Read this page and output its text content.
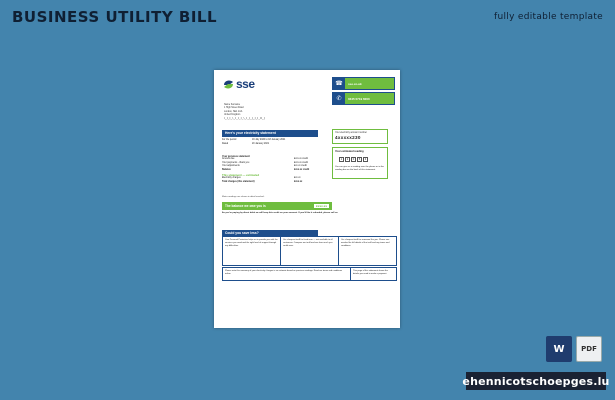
BUSINESS UTILITY BILL	fully editable template
sse
Name Surname
1 High Street Road
London, SE1 1AA
United Kingdom
\_l_l_\_l_l_l_\_l_|_|_l_l_ll_|
☎	sse.co.uk
✆	0345 0719 6000
Here's your electricity statement
For the period	19 July 2020 to 18 January 2021
Dated	20 January 2021
Your previous statement
Amount due	£xxx.xx credit
Your payments - thank you	£xxx.xx credit
Your adjustments	£xx.xx credit
Balance	£xxx.xx credit
This statement — estimated
Electricity charges	£xx.xx
Total charges (this statement)	£xxx.xx
Meter readings are shown in detail overleaf.
The balance we owe you is	£xxx.xx
As you're paying by direct debit we will keep this credit on your account. If you'd like it refunded, please call us.
Your electricity account number
4xxxxx230
Your estimated reading
1	2	0	5	3
You can give us a reading over the phone or in the reading box on the back of this statement.
Could you save less?
Your Personal Protection helps us to provide you with the services you need and the right level of support through any difficulties.
Our cheapest tariff for fixed term — not available to all customers. Compare our tariff and see how much you could save.
Our cheapest tariff for someone like you. Please see overleaf for full details of the tariff and any terms and conditions.
Please note this summary of your electricity charges is an estimate based on previous readings. Read our terms and conditions online.
This page of this statement shows the details you need to make a payment.
W	PDF
ehennicotschoepges.lu
